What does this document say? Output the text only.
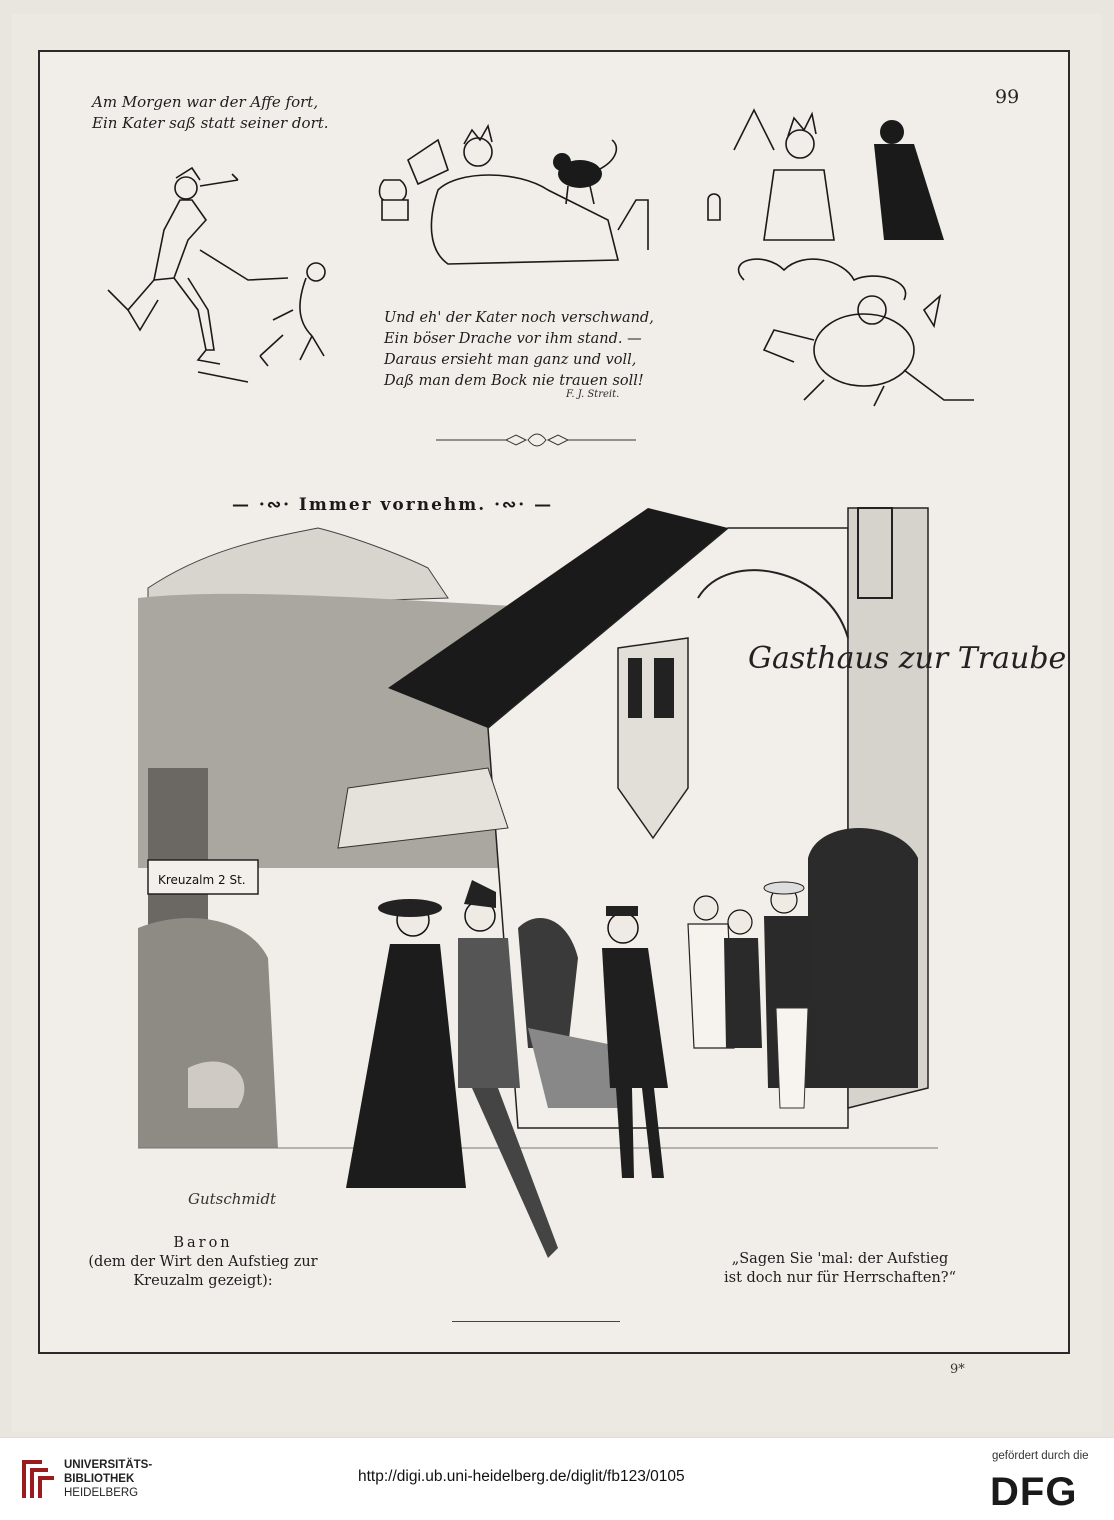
99
Am Morgen war der Affe fort,
Ein Kater saß statt seiner dort.
Und eh' der Kater noch verschwand,
Ein böser Drache vor ihm stand. —
Daraus ersieht man ganz und voll,
Daß man dem Bock nie trauen soll!
F. J. Streit.
— ·∾· Immer vornehm. ·∾· —
Gasthaus zur Traube
Kreuzalm 2 St.
Gutschmidt
Baron
(dem der Wirt den Aufstieg zur
Kreuzalm gezeigt):
„Sagen Sie 'mal: der Aufstieg
ist doch nur für Herrschaften?“
9*
UNIVERSITÄTS-
BIBLIOTHEK
HEIDELBERG
http://digi.ub.uni-heidelberg.de/diglit/fb123/0105
gefördert durch die
DFG
